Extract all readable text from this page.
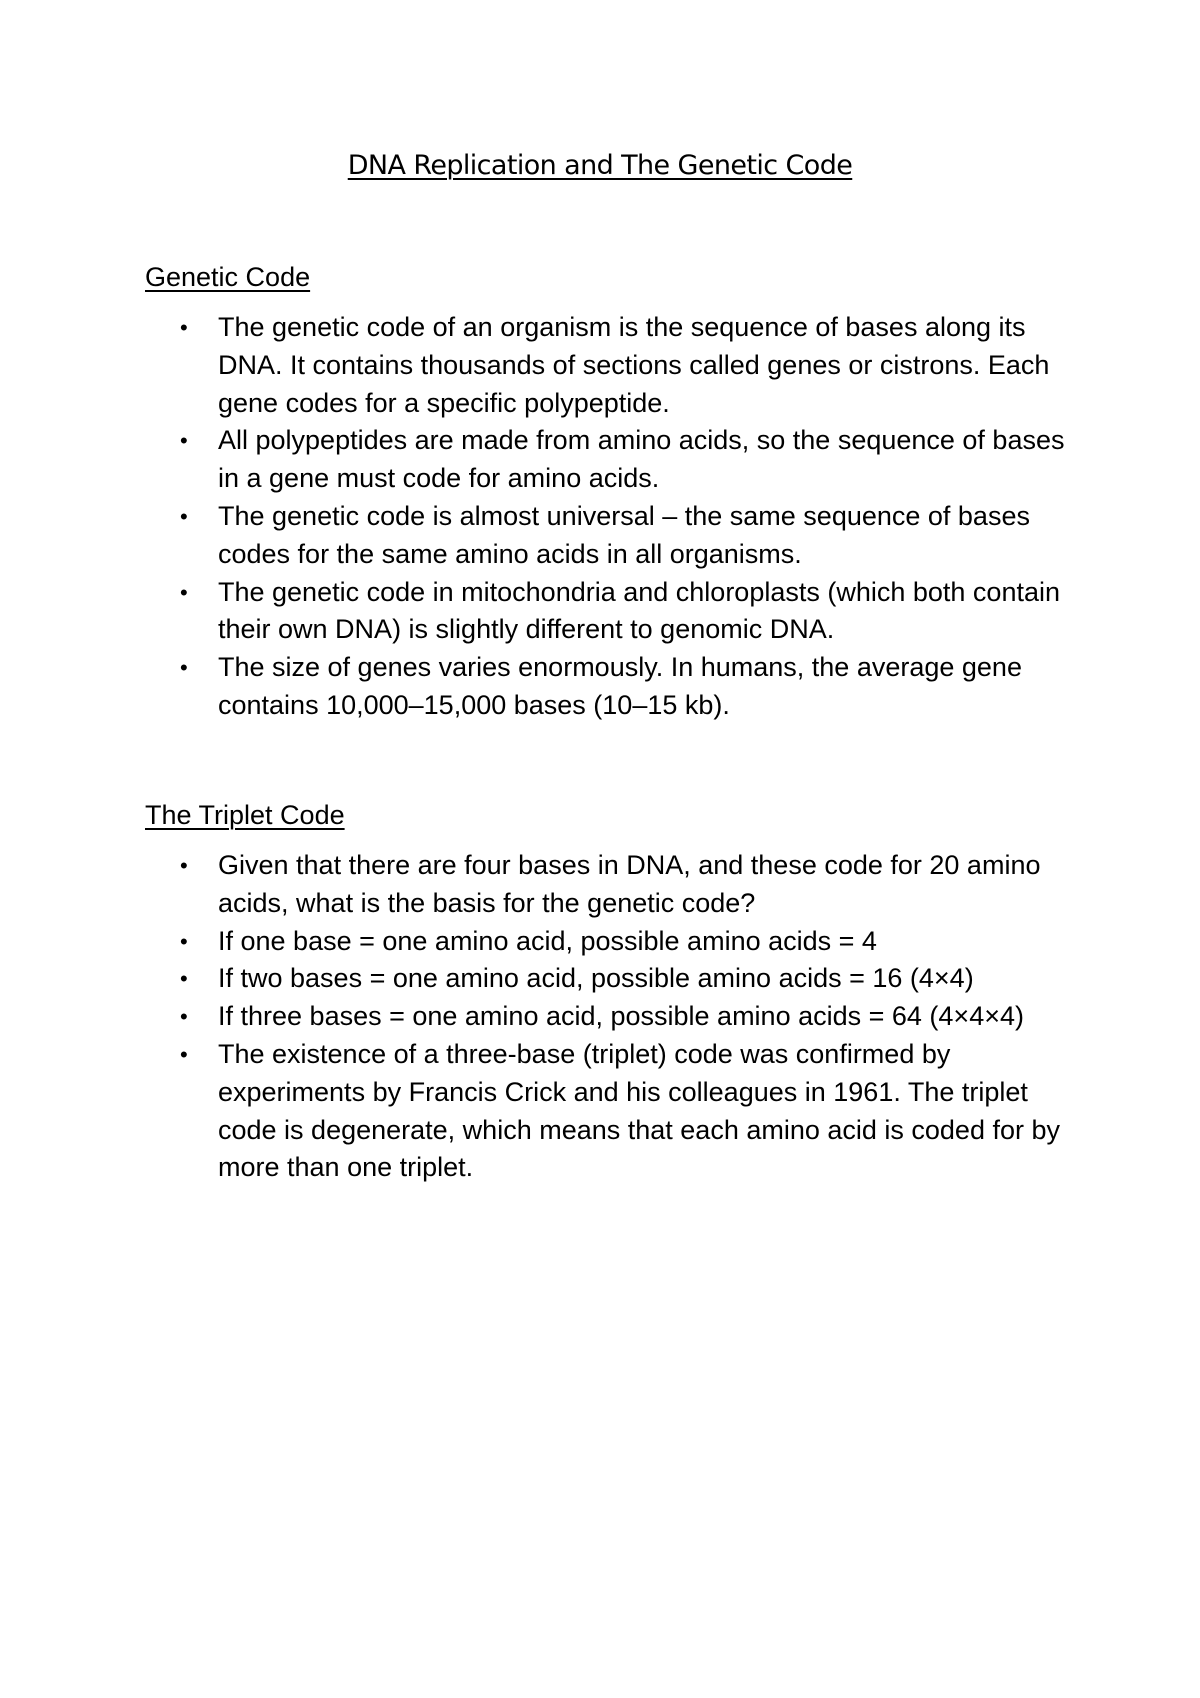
DNA Replication and The Genetic Code
Genetic Code
•	The genetic code of an organism is the sequence of bases along its DNA. It contains thousands of sections called genes or cistrons. Each gene codes for a specific polypeptide.
•	All polypeptides are made from amino acids, so the sequence of bases in a gene must code for amino acids.
•	The genetic code is almost universal – the same sequence of bases codes for the same amino acids in all organisms.
•	The genetic code in mitochondria and chloroplasts (which both contain their own DNA) is slightly different to genomic DNA.
•	The size of genes varies enormously. In humans, the average gene contains 10,000–15,000 bases (10–15 kb).
The Triplet Code
•	Given that there are four bases in DNA, and these code for 20 amino acids, what is the basis for the genetic code?
•	If one base = one amino acid, possible amino acids = 4
•	If two bases = one amino acid, possible amino acids = 16 (4×4)
•	If three bases = one amino acid, possible amino acids = 64 (4×4×4)
•	The existence of a three-base (triplet) code was confirmed by experiments by Francis Crick and his colleagues in 1961. The triplet code is degenerate, which means that each amino acid is coded for by more than one triplet.
